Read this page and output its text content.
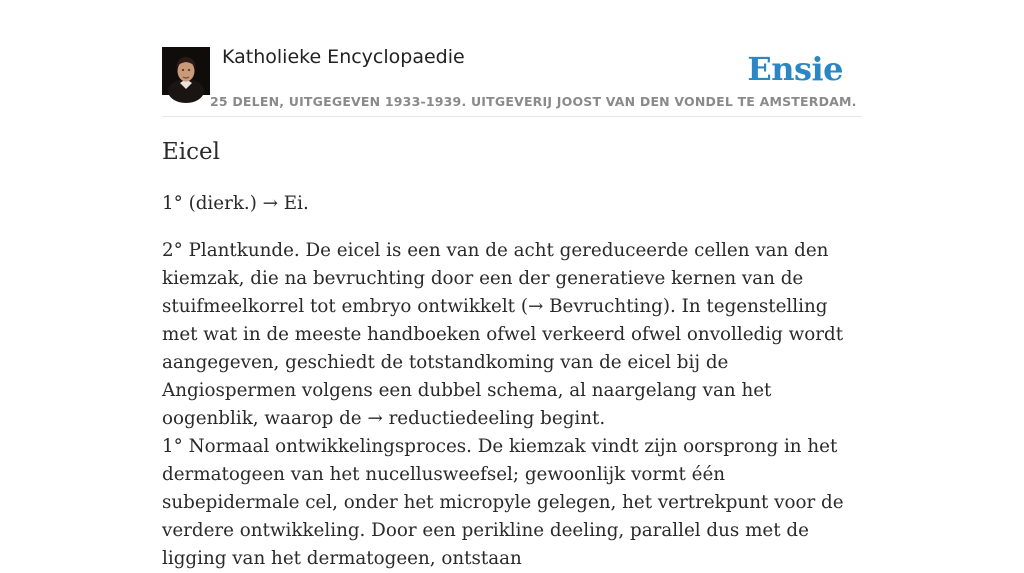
Katholieke Encyclopaedie
25 DELEN, UITGEGEVEN 1933-1939. UITGEVERIJ JOOST VAN DEN VONDEL TE AMSTERDAM.
Ensie
Eicel

1° (dierk.) → Ei.

2° Plantkunde. De eicel is een van de acht gereduceerde cellen van den kiemzak, die na bevruchting door een der generatieve kernen van de stuifmeelkorrel tot embryo ontwikkelt (→ Bevruchting). In tegenstelling met wat in de meeste handboeken ofwel verkeerd ofwel onvolledig wordt aangegeven, geschiedt de totstandkoming van de eicel bij de Angiospermen volgens een dubbel schema, al naargelang van het oogenblik, waarop de → reductiedeeling begint.

1° Normaal ontwikkelingsproces. De kiemzak vindt zijn oorsprong in het dermatogeen van het nucellusweefsel; gewoonlijk vormt één subepidermale cel, onder het micropyle gelegen, het vertrekpunt voor de verdere ontwikkeling. Door een perikline deeling, parallel dus met de ligging van het dermatogeen, ontstaan
